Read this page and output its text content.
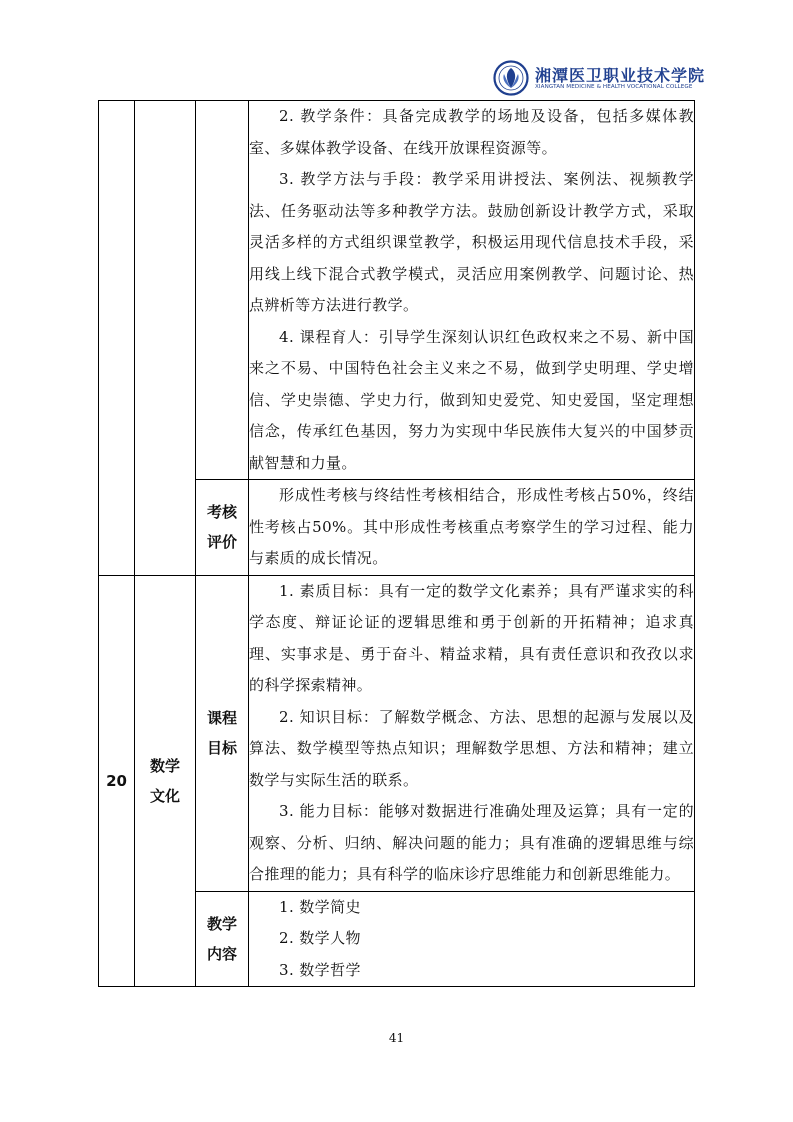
湘潭医卫职业技术学院
XIANGTAN MEDICINE & HEALTH VOCATIONAL COLLEGE

			2. 教学条件：具备完成教学的场地及设备，包括多媒体教室、多媒体教学设备、在线开放课程资源等。

3. 教学方法与手段：教学采用讲授法、案例法、视频教学法、任务驱动法等多种教学方法。鼓励创新设计教学方式，采取灵活多样的方式组织课堂教学，积极运用现代信息技术手段，采用线上线下混合式教学模式，灵活应用案例教学、问题讨论、热点辨析等方法进行教学。

4. 课程育人：引导学生深刻认识红色政权来之不易、新中国来之不易、中国特色社会主义来之不易，做到学史明理、学史增信、学史崇德、学史力行，做到知史爱党、知史爱国，坚定理想信念，传承红色基因，努力为实现中华民族伟大复兴的中国梦贡献智慧和力量。

		考核评价	形成性考核与终结性考核相结合，形成性考核占50%，终结性考核占50%。其中形成性考核重点考察学生的学习过程、能力与素质的成长情况。

20	数学文化	课程目标	1. 素质目标：具有一定的数学文化素养；具有严谨求实的科学态度、辩证论证的逻辑思维和勇于创新的开拓精神；追求真理、实事求是、勇于奋斗、精益求精，具有责任意识和孜孜以求的科学探索精神。

2. 知识目标：了解数学概念、方法、思想的起源与发展以及算法、数学模型等热点知识；理解数学思想、方法和精神；建立数学与实际生活的联系。

3. 能力目标：能够对数据进行准确处理及运算；具有一定的观察、分析、归纳、解决问题的能力；具有准确的逻辑思维与综合推理的能力；具有科学的临床诊疗思维能力和创新思维能力。

		教学内容	1. 数学简史

2. 数学人物

3. 数学哲学

41
